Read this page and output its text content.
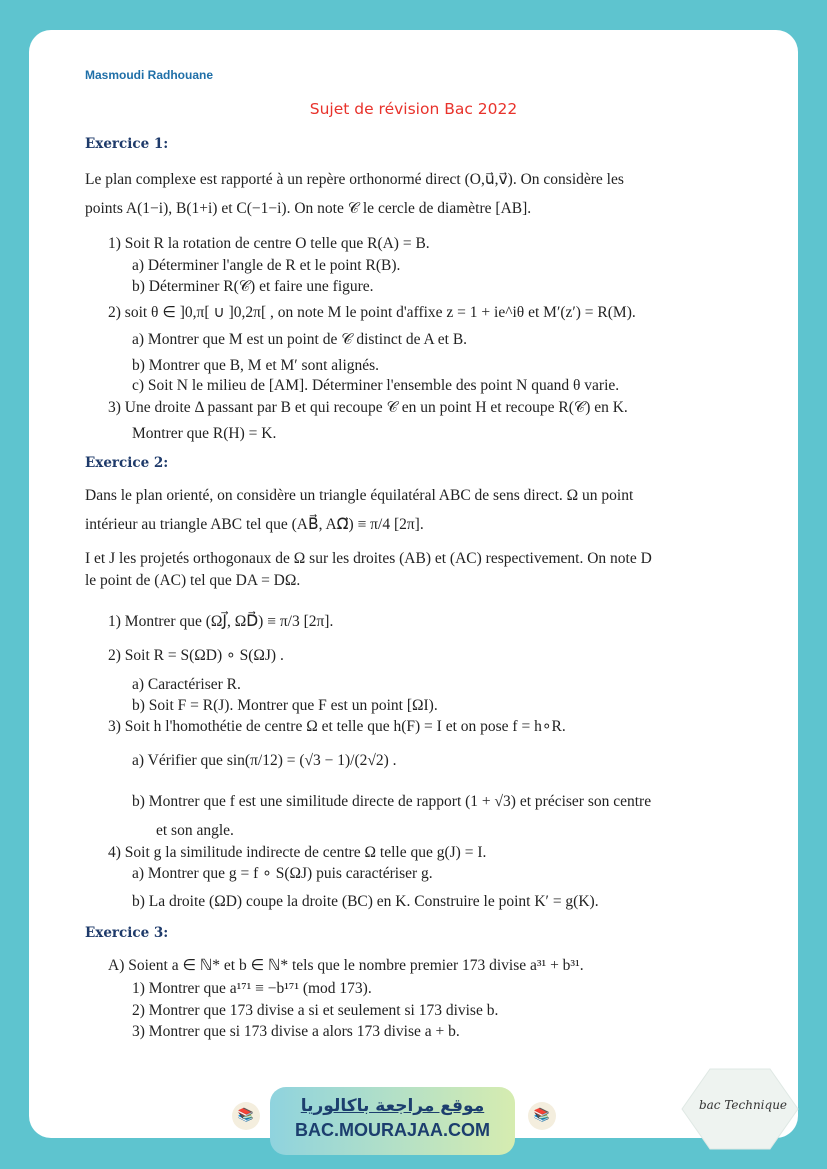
Masmoudi Radhouane
Sujet de révision Bac 2022
Exercice 1:
Le plan complexe est rapporté à un repère orthonormé direct (O,u⃗,v⃗). On considère les
points A(1−i), B(1+i) et C(−1−i). On note 𝒞 le cercle de diamètre [AB].
1) Soit R la rotation de centre O telle que R(A) = B.
a) Déterminer l'angle de R et le point R(B).
b) Déterminer R(𝒞) et faire une figure.
2) soit θ ∈ ]0,π[ ∪ ]0,2π[ , on note M le point d'affixe z = 1 + ie^iθ et M′(z′) = R(M).
a) Montrer que M est un point de 𝒞 distinct de A et B.
b) Montrer que B, M et M′ sont alignés.
c) Soit N le milieu de [AM]. Déterminer l'ensemble des point N quand θ varie.
3) Une droite Δ passant par B et qui recoupe 𝒞 en un point H et recoupe R(𝒞) en K.
Montrer que R(H) = K.
Exercice 2:
Dans le plan orienté, on considère un triangle équilatéral ABC de sens direct. Ω un point
intérieur au triangle ABC tel que (AB⃗, AΩ⃗) ≡ π/4 [2π].
I et J les projetés orthogonaux de Ω sur les droites (AB) et (AC) respectivement. On note D
le point de (AC) tel que DA = DΩ.
1) Montrer que (ΩJ⃗, ΩD⃗) ≡ π/3 [2π].
2) Soit R = S(ΩD) ∘ S(ΩJ) .
a) Caractériser R.
b) Soit F = R(J). Montrer que F est un point [ΩI).
3) Soit h l'homothétie de centre Ω et telle que h(F) = I et on pose f = h∘R.
a) Vérifier que sin(π/12) = (√3 − 1)/(2√2) .
b) Montrer que f est une similitude directe de rapport (1 + √3) et préciser son centre
et son angle.
4) Soit g la similitude indirecte de centre Ω telle que g(J) = I.
a) Montrer que g = f ∘ S(ΩJ) puis caractériser g.
b) La droite (ΩD) coupe la droite (BC) en K. Construire le point K′ = g(K).
Exercice 3:
A) Soient a ∈ ℕ* et b ∈ ℕ* tels que le nombre premier 173 divise a³¹ + b³¹.
1) Montrer que a¹⁷¹ ≡ −b¹⁷¹ (mod 173).
2) Montrer que 173 divise a si et seulement si 173 divise b.
3) Montrer que si 173 divise a alors 173 divise a + b.
📚	موقع مراجعة باكالوريا
BAC.MOURAJAA.COM
📚
bac Technique
